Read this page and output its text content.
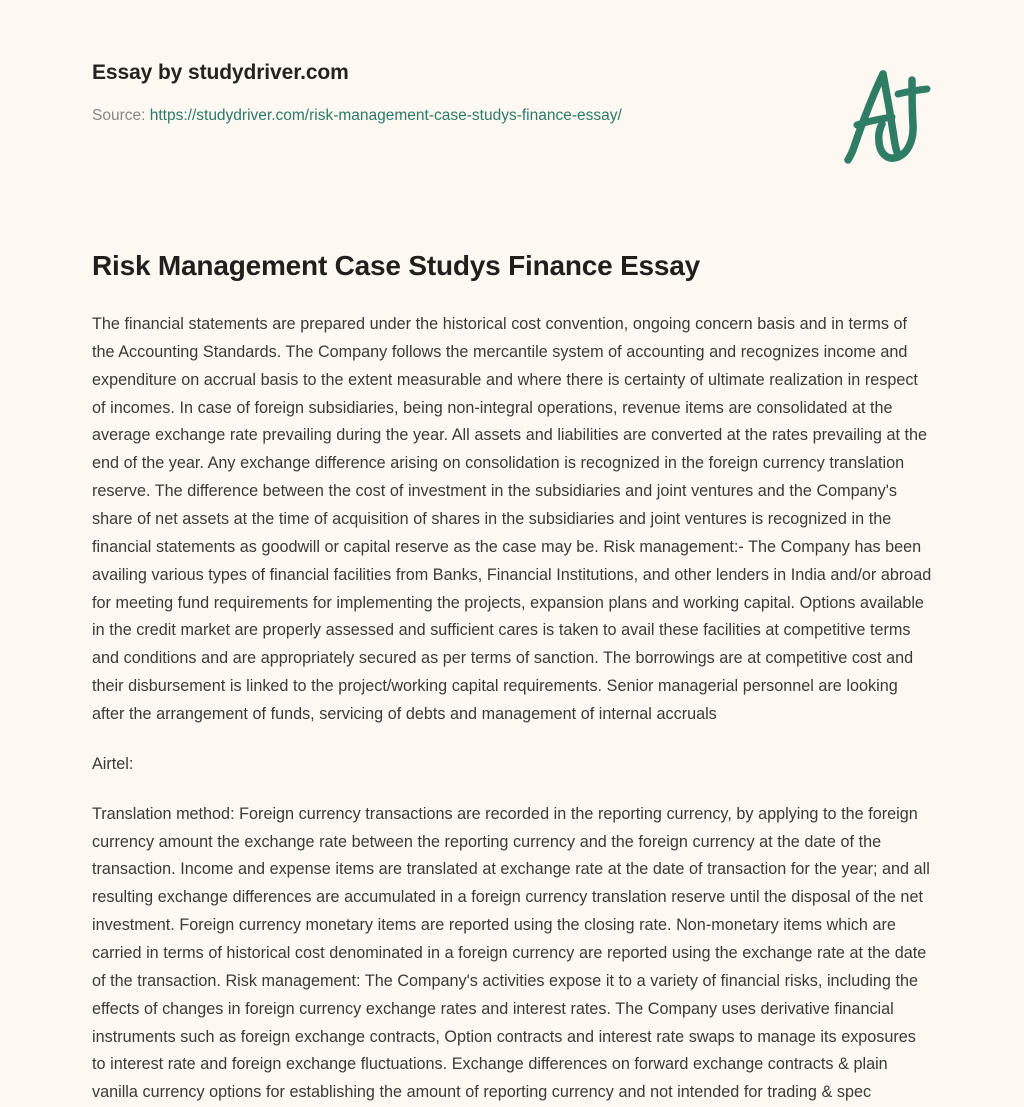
Essay by studydriver.com
Source: https://studydriver.com/risk-management-case-studys-finance-essay/
Risk Management Case Studys Finance Essay

The financial statements are prepared under the historical cost convention, ongoing concern basis and in terms of the Accounting Standards. The Company follows the mercantile system of accounting and recognizes income and expenditure on accrual basis to the extent measurable and where there is certainty of ultimate realization in respect of incomes. In case of foreign subsidiaries, being non-integral operations, revenue items are consolidated at the average exchange rate prevailing during the year. All assets and liabilities are converted at the rates prevailing at the end of the year. Any exchange difference arising on consolidation is recognized in the foreign currency translation reserve. The difference between the cost of investment in the subsidiaries and joint ventures and the Company's share of net assets at the time of acquisition of shares in the subsidiaries and joint ventures is recognized in the financial statements as goodwill or capital reserve as the case may be. Risk management:- The Company has been availing various types of financial facilities from Banks, Financial Institutions, and other lenders in India and/or abroad for meeting fund requirements for implementing the projects, expansion plans and working capital. Options available in the credit market are properly assessed and sufficient cares is taken to avail these facilities at competitive terms and conditions and are appropriately secured as per terms of sanction. The borrowings are at competitive cost and their disbursement is linked to the project/working capital requirements. Senior managerial personnel are looking after the arrangement of funds, servicing of debts and management of internal accruals

Airtel:

Translation method: Foreign currency transactions are recorded in the reporting currency, by applying to the foreign currency amount the exchange rate between the reporting currency and the foreign currency at the date of the transaction. Income and expense items are translated at exchange rate at the date of transaction for the year; and all resulting exchange differences are accumulated in a foreign currency translation reserve until the disposal of the net investment. Foreign currency monetary items are reported using the closing rate. Non-monetary items which are carried in terms of historical cost denominated in a foreign currency are reported using the exchange rate at the date of the transaction. Risk management: The Company's activities expose it to a variety of financial risks, including the effects of changes in foreign currency exchange rates and interest rates. The Company uses derivative financial instruments such as foreign exchange contracts, Option contracts and interest rate swaps to manage its exposures to interest rate and foreign exchange fluctuations. Exchange differences on forward exchange contracts & plain vanilla currency options for establishing the amount of reporting currency and not intended for trading & spec
